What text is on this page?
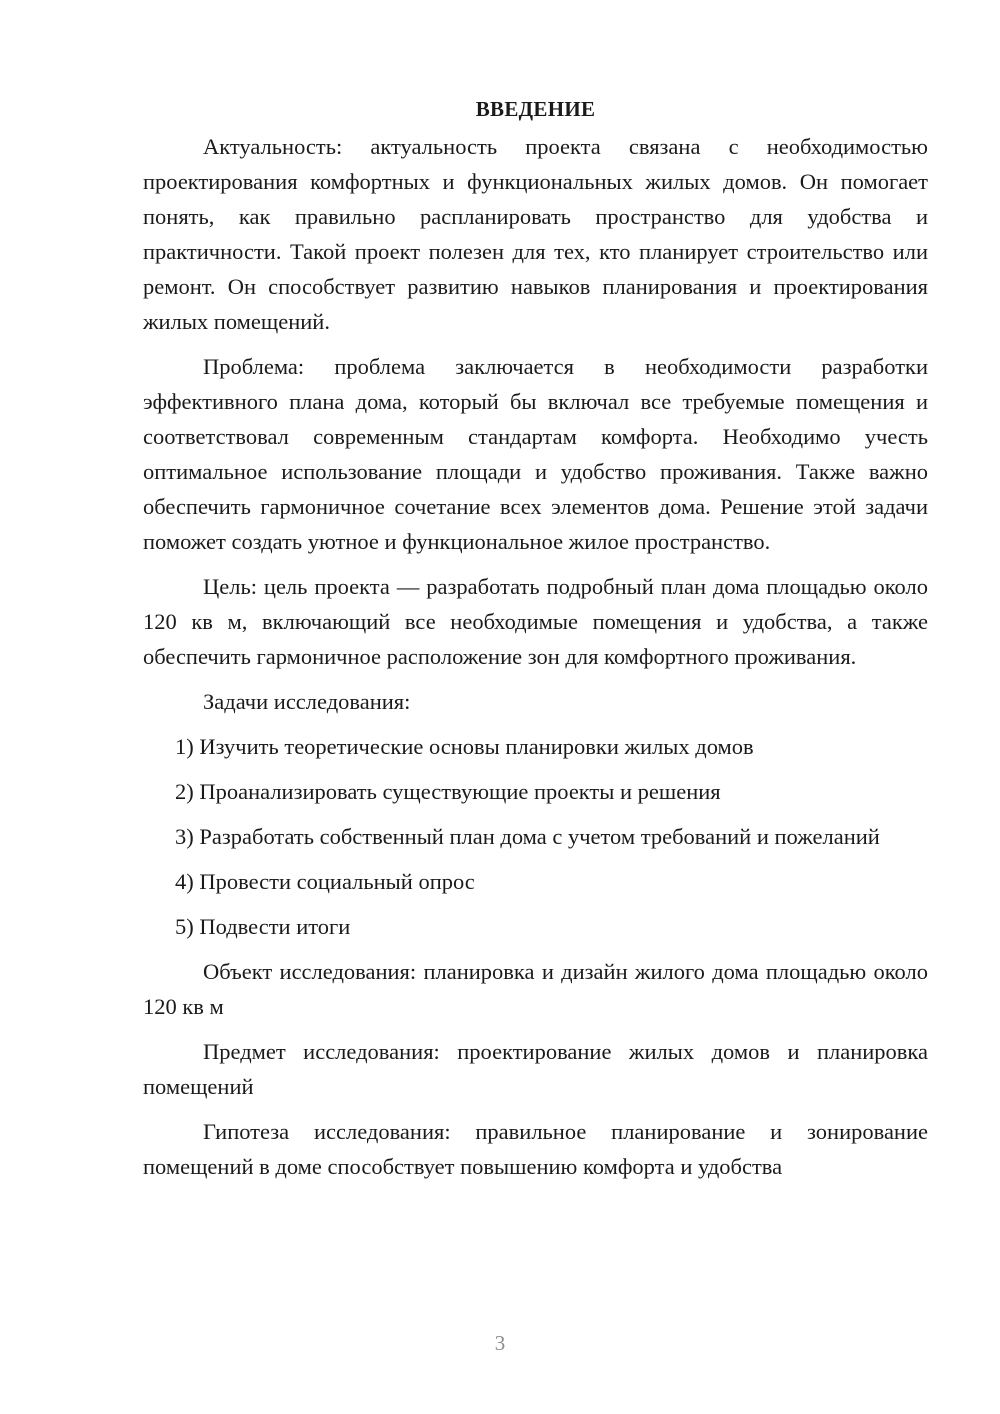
ВВЕДЕНИЕ

Актуальность: актуальность проекта связана с необходимостью проектирования комфортных и функциональных жилых домов. Он помогает понять, как правильно распланировать пространство для удобства и практичности. Такой проект полезен для тех, кто планирует строительство или ремонт. Он способствует развитию навыков планирования и проектирования жилых помещений.

Проблема: проблема заключается в необходимости разработки эффективного плана дома, который бы включал все требуемые помещения и соответствовал современным стандартам комфорта. Необходимо учесть оптимальное использование площади и удобство проживания. Также важно обеспечить гармоничное сочетание всех элементов дома. Решение этой задачи поможет создать уютное и функциональное жилое пространство.

Цель: цель проекта — разработать подробный план дома площадью около 120 кв м, включающий все необходимые помещения и удобства, а также обеспечить гармоничное расположение зон для комфортного проживания.

Задачи исследования:

1) Изучить теоретические основы планировки жилых домов

2) Проанализировать существующие проекты и решения

3) Разработать собственный план дома с учетом требований и пожеланий

4) Провести социальный опрос

5) Подвести итоги

Объект исследования: планировка и дизайн жилого дома площадью около 120 кв м

Предмет исследования: проектирование жилых домов и планировка помещений

Гипотеза исследования: правильное планирование и зонирование помещений в доме способствует повышению комфорта и удобства

3
